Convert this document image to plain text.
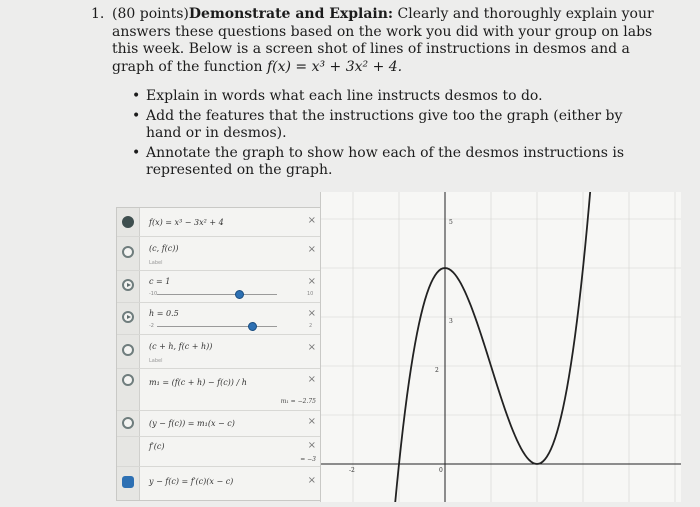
1. (80 points)Demonstrate and Explain: Clearly and thoroughly explain your answers these questions based on the work you did with your group on labs this week. Below is a screen shot of lines of instructions in desmos and a graph of the function f(x) = x³ + 3x² + 4.
• Explain in words what each line instructs desmos to do.
• Add the features that the instructions give too the graph (either by hand or in desmos).
• Annotate the graph to show how each of the desmos instructions is represented on the graph.
f(x) = x³ − 3x² + 4	×
(c, f(c))
Label
×
c = 1
-10	10
×
h = 0.5
-2	2
×
(c + h, f(c + h))
Label
×
m₁ = (f(c + h) − f(c)) / h
m₁ = −2.75
×
(y − f(c)) = m₁(x − c)	×
f′(c)
= −3
×
y − f(c) = f′(c)(x − c)	×
5
3
2
-2	0
